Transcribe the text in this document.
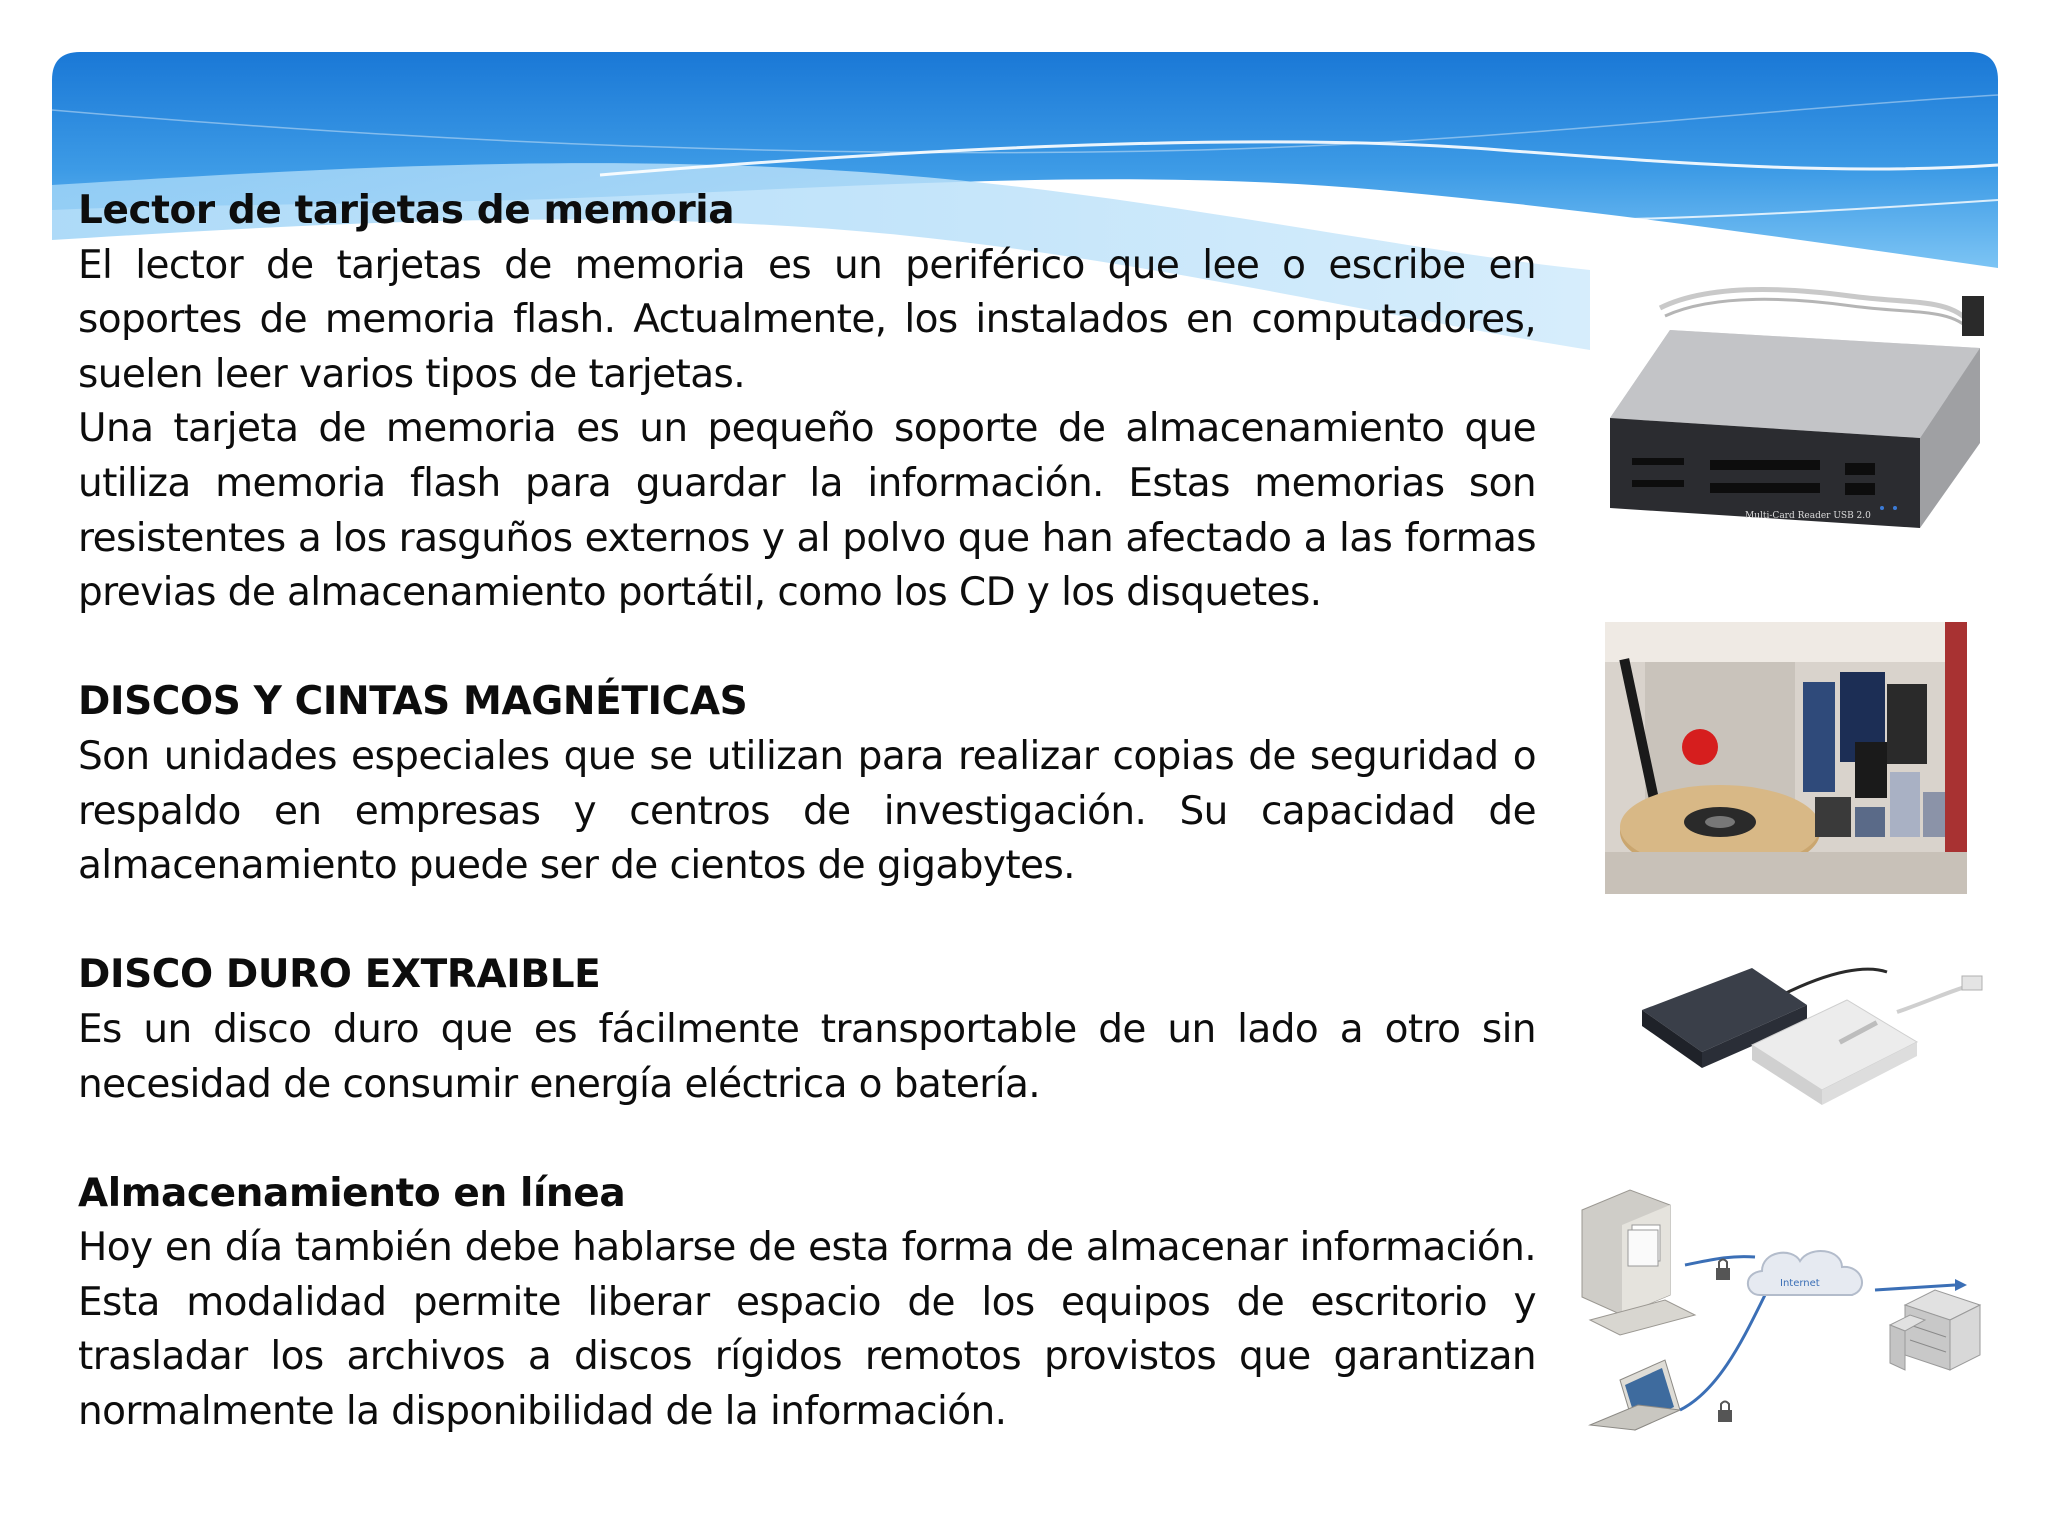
Lector de tarjetas de memoria

El lector de tarjetas de memoria es un periférico que lee o escribe en soportes de memoria flash. Actualmente, los instalados en computadores, suelen leer varios tipos de tarjetas.

Una tarjeta de memoria es un pequeño soporte de almacenamiento que utiliza memoria flash para guardar la información. Estas memorias son resistentes a los rasguños externos y al polvo que han afectado a las formas previas de almacenamiento portátil, como los CD y los disquetes.

DISCOS Y CINTAS MAGNÉTICAS

Son unidades especiales que se utilizan para realizar copias de seguridad o respaldo en empresas y centros de investigación. Su capacidad de almacenamiento puede ser de cientos de gigabytes.

DISCO DURO EXTRAIBLE

Es un disco duro que es fácilmente transportable de un lado a otro sin necesidad de consumir energía eléctrica o batería.

Almacenamiento en línea

Hoy en día también debe hablarse de esta forma de almacenar información. Esta modalidad permite liberar espacio de los equipos de escritorio y trasladar los archivos a discos rígidos remotos provistos que garantizan normalmente la disponibilidad de la información.

Multi-Card Reader USB 2.0
Internet
